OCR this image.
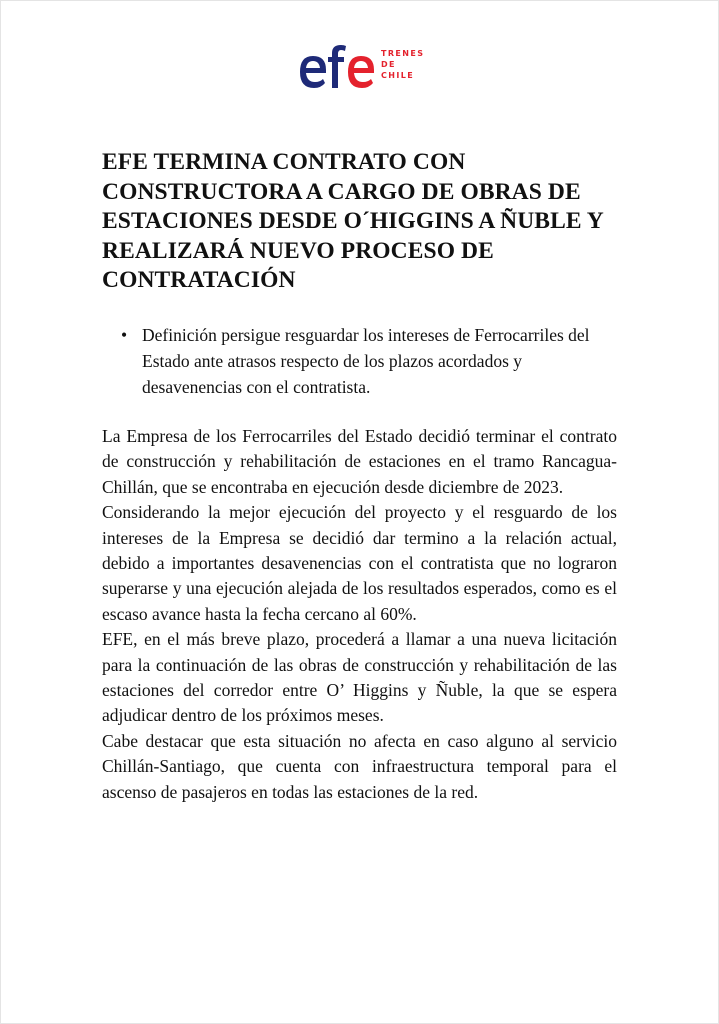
TRENES
DE
CHILE
EFE TERMINA CONTRATO CON CONSTRUCTORA A CARGO DE OBRAS DE ESTACIONES DESDE O´HIGGINS A ÑUBLE Y REALIZARÁ NUEVO PROCESO DE CONTRATACIÓN
• Definición persigue resguardar los intereses de Ferrocarriles del Estado ante atrasos respecto de los plazos acordados y desavenencias con el contratista.

La Empresa de los Ferrocarriles del Estado decidió terminar el contrato de construcción y rehabilitación de estaciones en el tramo Rancagua-Chillán, que se encontraba en ejecución desde diciembre de 2023.

Considerando la mejor ejecución del proyecto y el resguardo de los intereses de la Empresa se decidió dar termino a la relación actual, debido a importantes desavenencias con el contratista que no lograron superarse y una ejecución alejada de los resultados esperados, como es el escaso avance hasta la fecha cercano al 60%.

EFE, en el más breve plazo, procederá a llamar a una nueva licitación para la continuación de las obras de construcción y rehabilitación de las estaciones del corredor entre O’ Higgins y Ñuble, la que se espera adjudicar dentro de los próximos meses.

Cabe destacar que esta situación no afecta en caso alguno al servicio Chillán-Santiago, que cuenta con infraestructura temporal para el ascenso de pasajeros en todas las estaciones de la red.
